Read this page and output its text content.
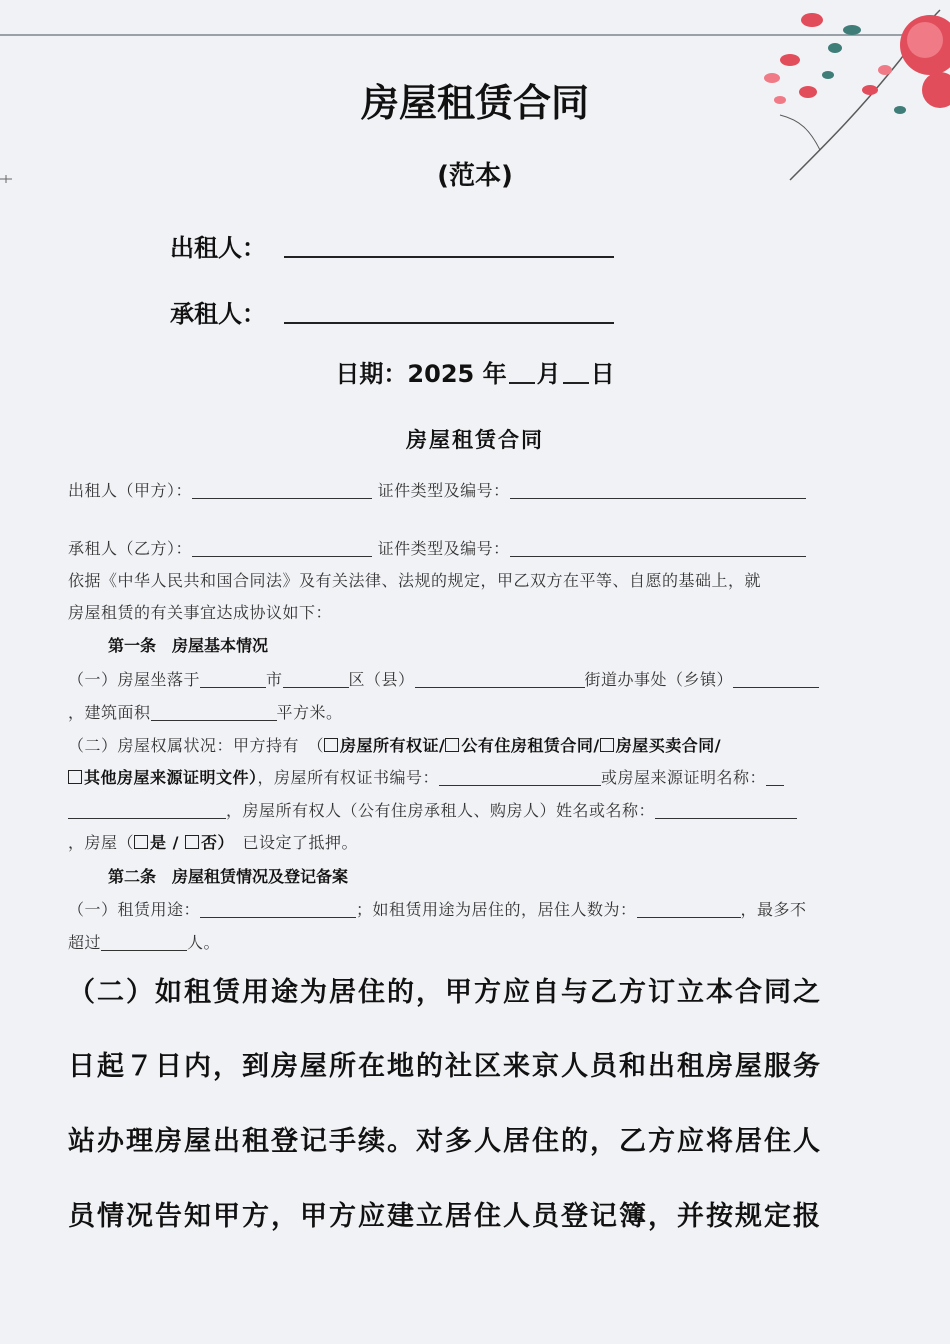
房屋租赁合同
(范本)
出租人：
承租人：
日期：2025 年 月 日
房屋租赁合同
出租人（甲方）：	证件类型及编号：
承租人（乙方）：	证件类型及编号：
依据《中华人民共和国合同法》及有关法律、法规的规定，甲乙双方在平等、自愿的基础上，就
房屋租赁的有关事宜达成协议如下：
第一条　房屋基本情况
（一）房屋坐落于	市	区（县）	街道办事处（乡镇）
，建筑面积	平方米。
（二）房屋权属状况：甲方持有　（ 房屋所有权证/ 公有住房租赁合同/ 房屋买卖合同/
其他房屋来源证明文件），房屋所有权证书编号：	或房屋来源证明名称：
，房屋所有权人（公有住房承租人、购房人）姓名或名称：
，房屋（ 是 / 否）　已设定了抵押。
第二条　房屋租赁情况及登记备案
（一）租赁用途：	；如租赁用途为居住的，居住人数为：	，最多不
超过	人。
（二）如租赁用途为居住的，甲方应自与乙方订立本合同之
日起７日内，到房屋所在地的社区来京人员和出租房屋服务
站办理房屋出租登记手续。对多人居住的，乙方应将居住人
员情况告知甲方，甲方应建立居住人员登记簿，并按规定报
